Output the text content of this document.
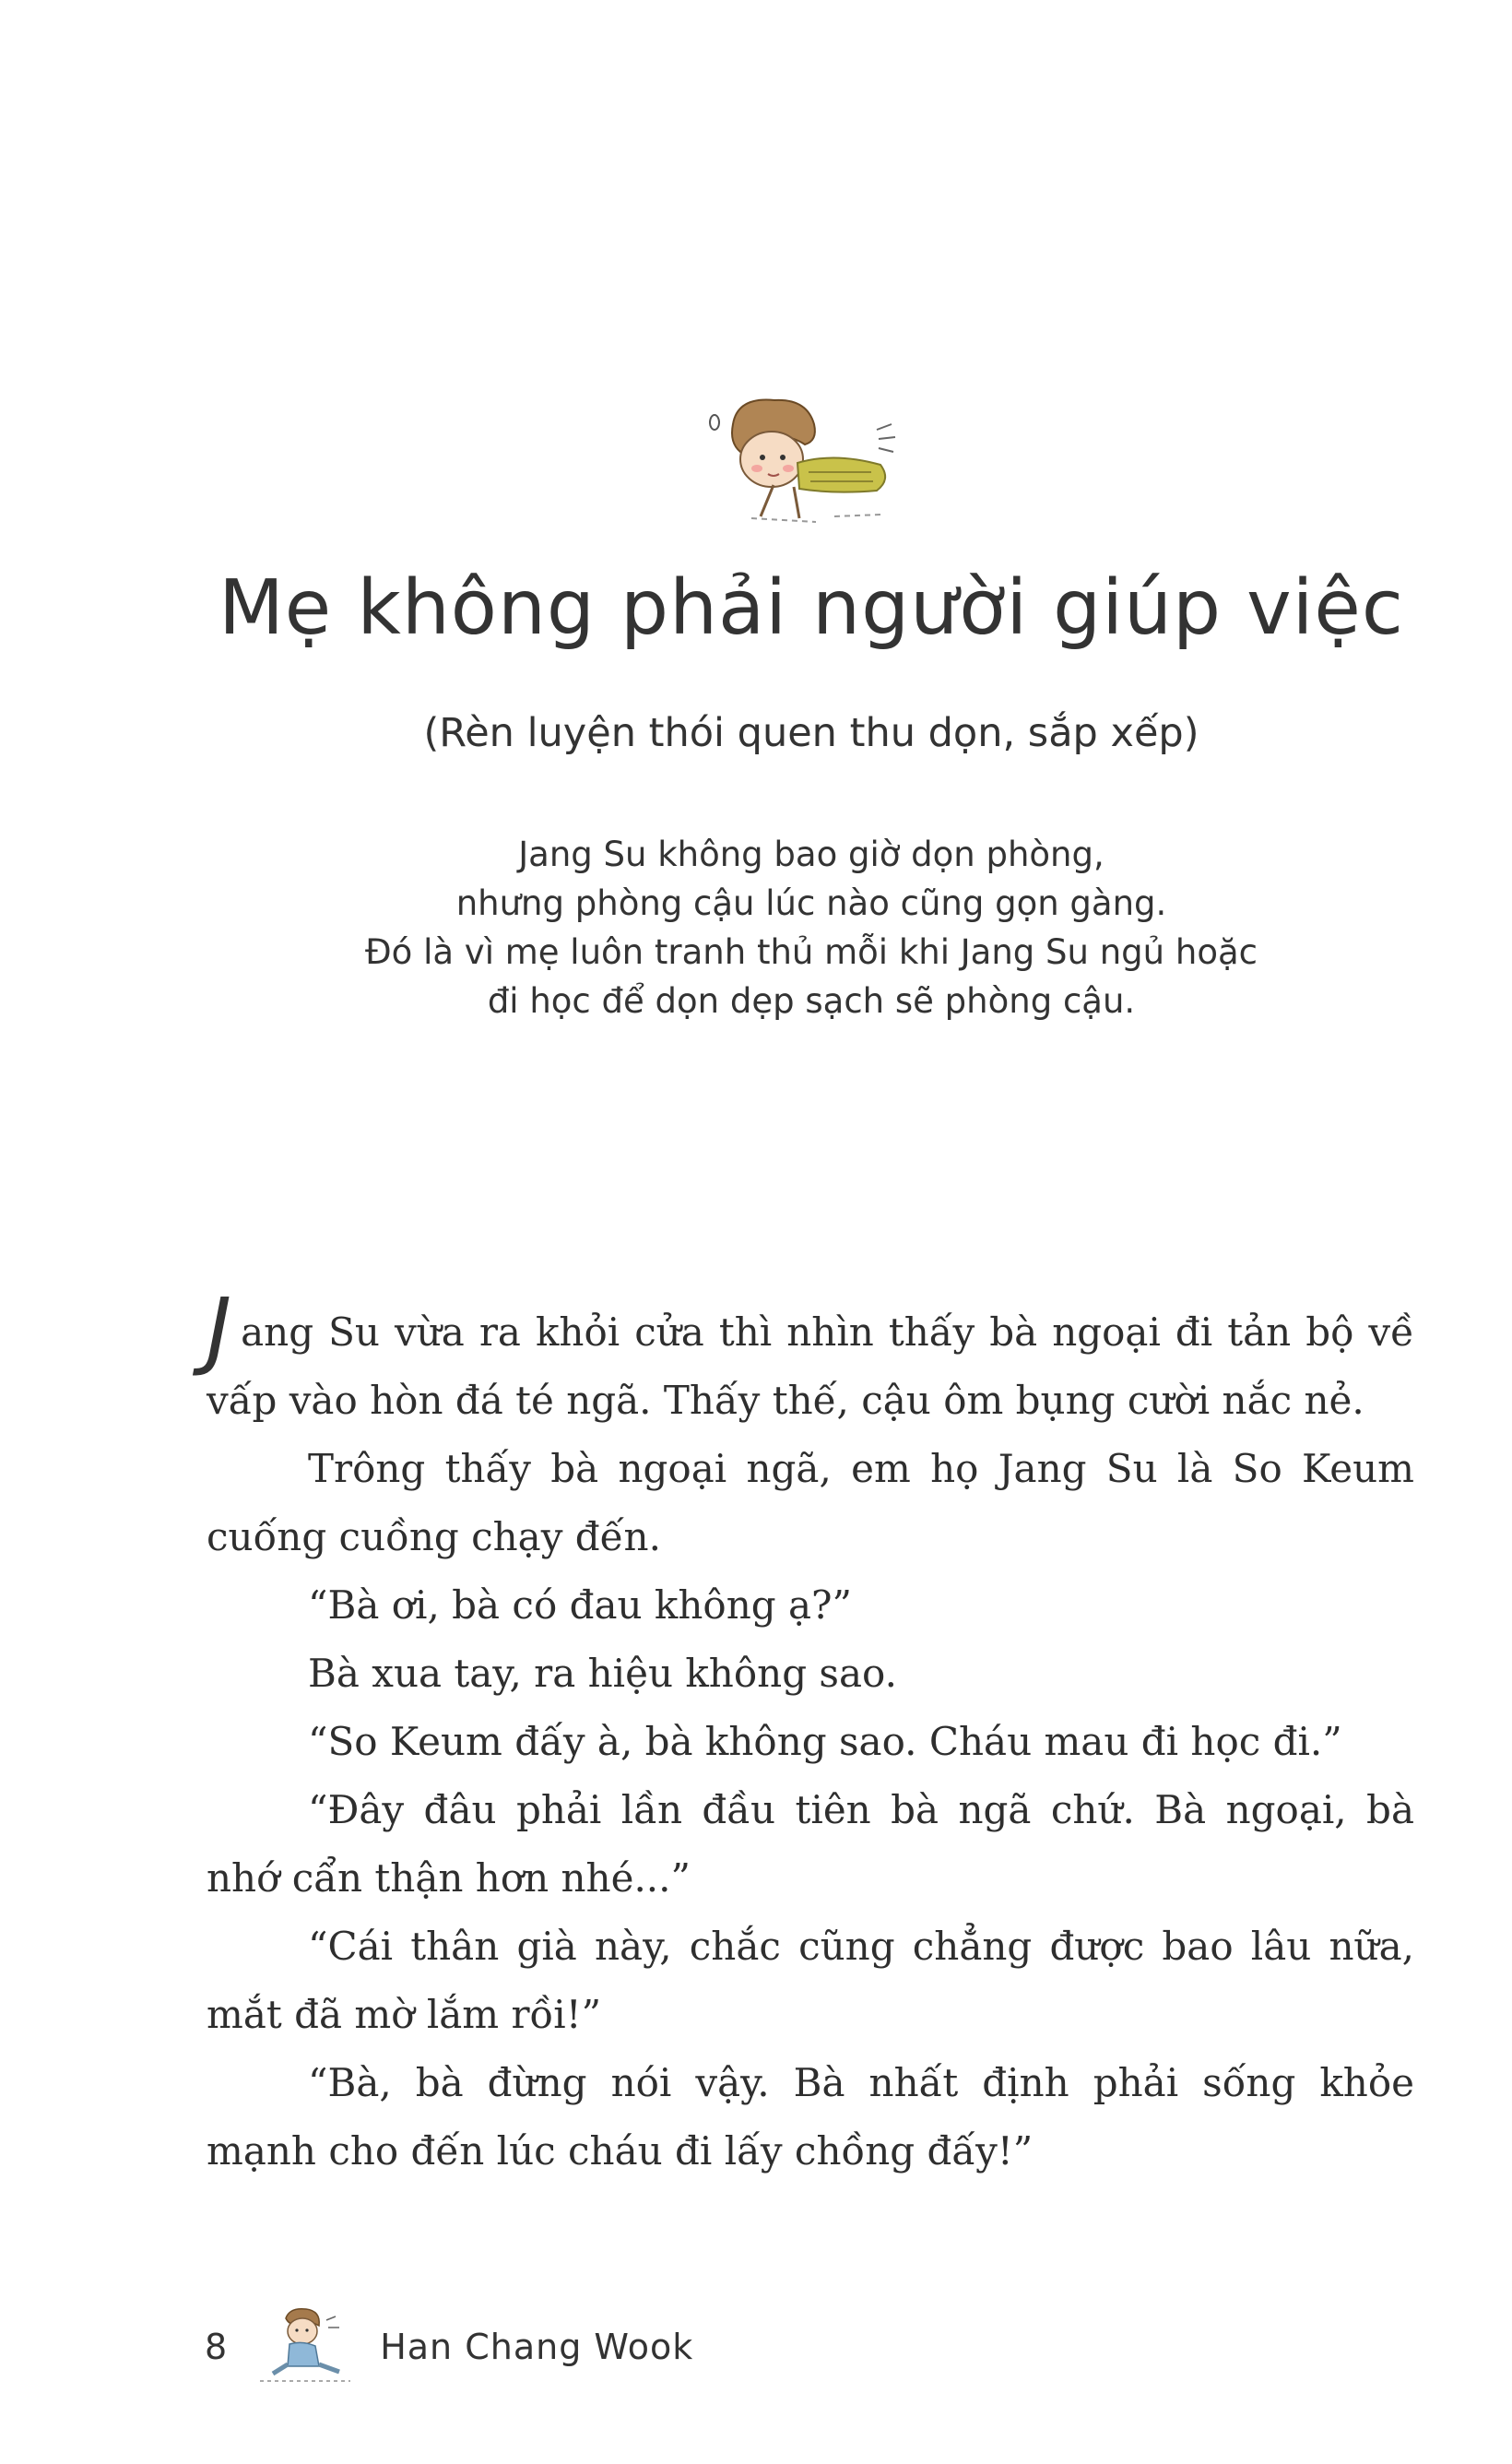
Mẹ không phải người giúp việc
(Rèn luyện thói quen thu dọn, sắp xếp)
Jang Su không bao giờ dọn phòng,
nhưng phòng cậu lúc nào cũng gọn gàng.
Đó là vì mẹ luôn tranh thủ mỗi khi Jang Su ngủ hoặc
đi học để dọn dẹp sạch sẽ phòng cậu.

Jang Su vừa ra khỏi cửa thì nhìn thấy bà ngoại đi tản bộ về vấp vào hòn đá té ngã. Thấy thế, cậu ôm bụng cười nắc nẻ.

Trông thấy bà ngoại ngã, em họ Jang Su là So Keum cuống cuồng chạy đến.

“Bà ơi, bà có đau không ạ?”

Bà xua tay, ra hiệu không sao.

“So Keum đấy à, bà không sao. Cháu mau đi học đi.”

“Đây đâu phải lần đầu tiên bà ngã chứ. Bà ngoại, bà nhớ cẩn thận hơn nhé...”

“Cái thân già này, chắc cũng chẳng được bao lâu nữa, mắt đã mờ lắm rồi!”

“Bà, bà đừng nói vậy. Bà nhất định phải sống khỏe mạnh cho đến lúc cháu đi lấy chồng đấy!”

8	Han Chang Wook
